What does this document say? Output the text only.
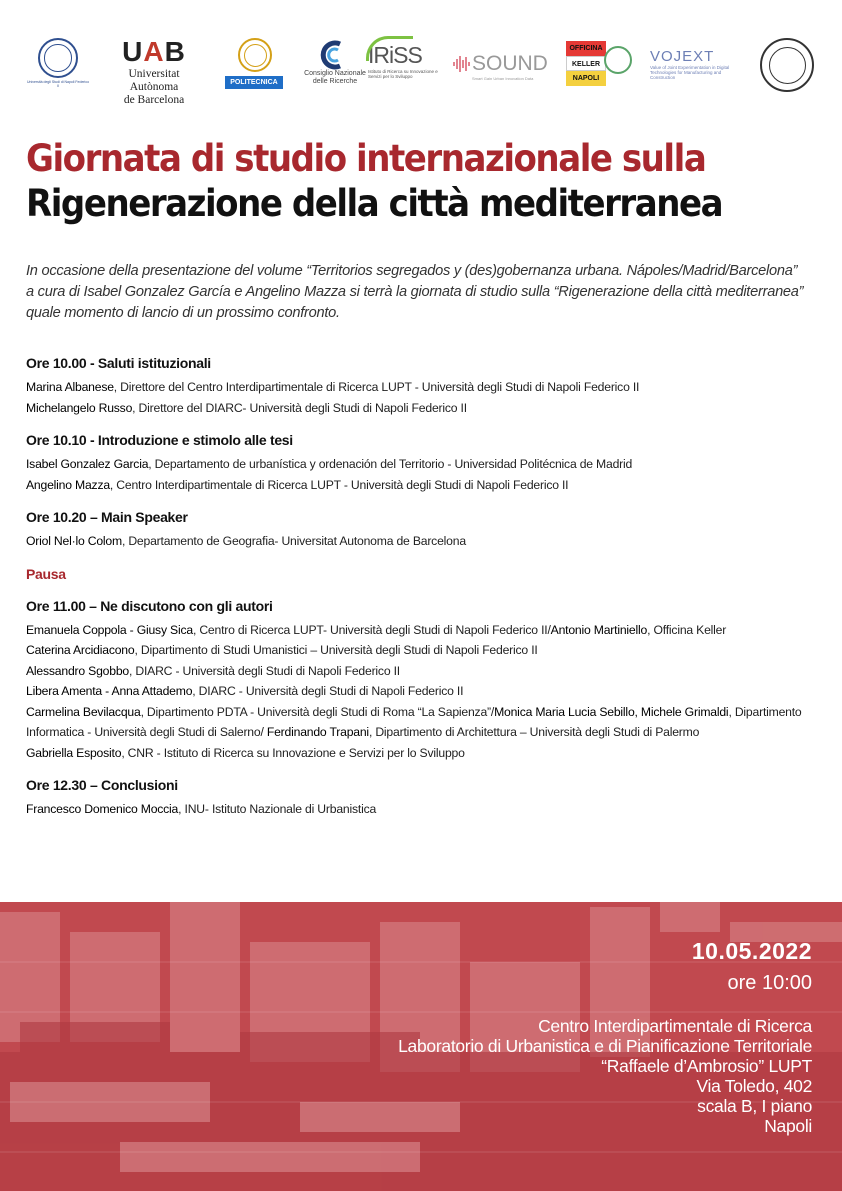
Università degli Studi di Napoli Federico II
UAB
Universitat Autònoma
de Barcelona
POLITECNICA
Consiglio Nazionale
delle Ricerche
IRiSS
Istituto di Ricerca su Innovazione e Servizi per lo Sviluppo
SOUND
Smart Gain Urban Innovation Data
OFFICINA
KELLER
NAPOLI
VOJEXT
Value of Joint Experimentation in Digital Technologies for Manufacturing and Construction
Giornata di studio internazionale sulla
Rigenerazione della città mediterranea
In occasione della presentazione del volume “Territorios segregados y (des)gobernanza urbana. Nápoles/Madrid/Barcelona”
a cura di Isabel Gonzalez García e Angelino Mazza si terrà la giornata di studio sulla “Rigenerazione della città mediterranea”
quale momento di lancio di un prossimo confronto.
Ore 10.00 - Saluti istituzionali
Marina Albanese, Direttore del Centro Interdipartimentale di Ricerca LUPT - Università degli Studi di Napoli Federico II
Michelangelo Russo, Direttore del DIARC- Università degli Studi di Napoli Federico II
Ore 10.10 - Introduzione e stimolo alle tesi
Isabel Gonzalez Garcia, Departamento de urbanística y ordenación del Territorio - Universidad Politécnica de Madrid
Angelino Mazza, Centro Interdipartimentale di Ricerca LUPT - Università degli Studi di Napoli Federico II
Ore 10.20 – Main Speaker
Oriol Nel·lo Colom, Departamento de Geografia- Universitat Autonoma de Barcelona
Pausa
Ore 11.00 – Ne discutono con gli autori
Emanuela Coppola - Giusy Sica, Centro di Ricerca LUPT- Università degli Studi di Napoli Federico II/Antonio Martiniello, Officina Keller
Caterina Arcidiacono, Dipartimento di Studi Umanistici – Università degli Studi di Napoli Federico II
Alessandro Sgobbo, DIARC - Università degli Studi di Napoli Federico II
Libera Amenta - Anna Attademo, DIARC - Università degli Studi di Napoli Federico II
Carmelina Bevilacqua, Dipartimento PDTA - Università degli Studi di Roma “La Sapienza”/Monica Maria Lucia Sebillo, Michele Grimaldi, Dipartimento Informatica - Università degli Studi di Salerno/ Ferdinando Trapani, Dipartimento di Architettura – Università degli Studi di Palermo
Gabriella Esposito, CNR - Istituto di Ricerca su Innovazione e Servizi per lo Sviluppo
Ore 12.30 – Conclusioni
Francesco Domenico Moccia, INU- Istituto Nazionale di Urbanistica
10.05.2022
ore 10:00
Centro Interdipartimentale di Ricerca
Laboratorio di Urbanistica e di Pianificazione Territoriale
“Raffaele d’Ambrosio” LUPT
Via Toledo, 402
scala B, I piano
Napoli
